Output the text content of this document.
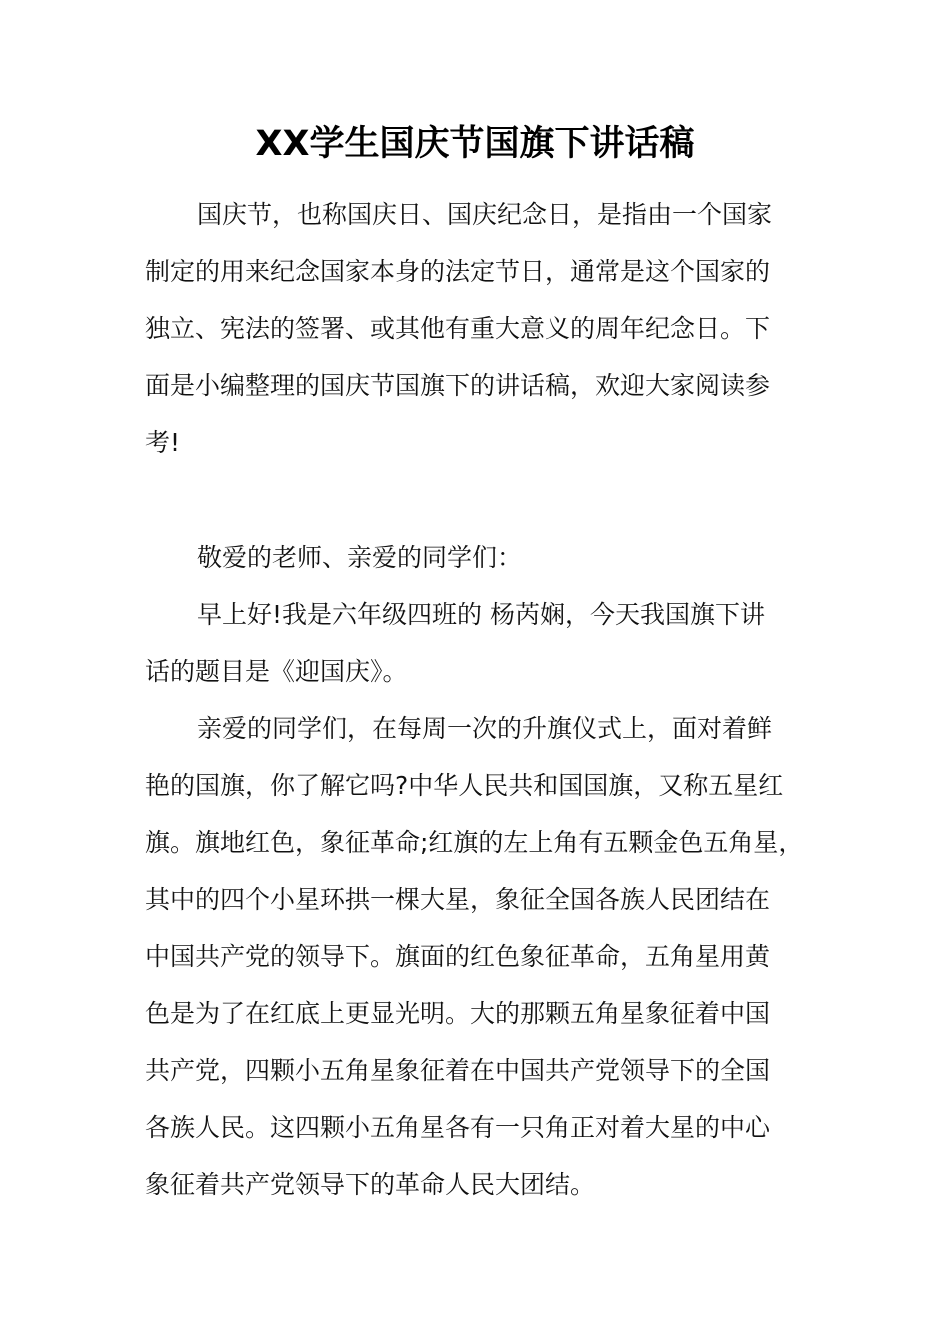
XX学生国庆节国旗下讲话稿

国庆节，也称国庆日、国庆纪念日，是指由一个国家

制定的用来纪念国家本身的法定节日，通常是这个国家的

独立、宪法的签署、或其他有重大意义的周年纪念日。下

面是小编整理的国庆节国旗下的讲话稿，欢迎大家阅读参

考!

敬爱的老师、亲爱的同学们：

早上好!我是六年级四班的 杨芮娴，今天我国旗下讲

话的题目是《迎国庆》。

亲爱的同学们，在每周一次的升旗仪式上，面对着鲜

艳的国旗，你了解它吗?中华人民共和国国旗，又称五星红

旗。旗地红色，象征革命;红旗的左上角有五颗金色五角星，

其中的四个小星环拱一棵大星，象征全国各族人民团结在

中国共产党的领导下。旗面的红色象征革命，五角星用黄

色是为了在红底上更显光明。大的那颗五角星象征着中国

共产党，四颗小五角星象征着在中国共产党领导下的全国

各族人民。这四颗小五角星各有一只角正对着大星的中心

象征着共产党领导下的革命人民大团结。
